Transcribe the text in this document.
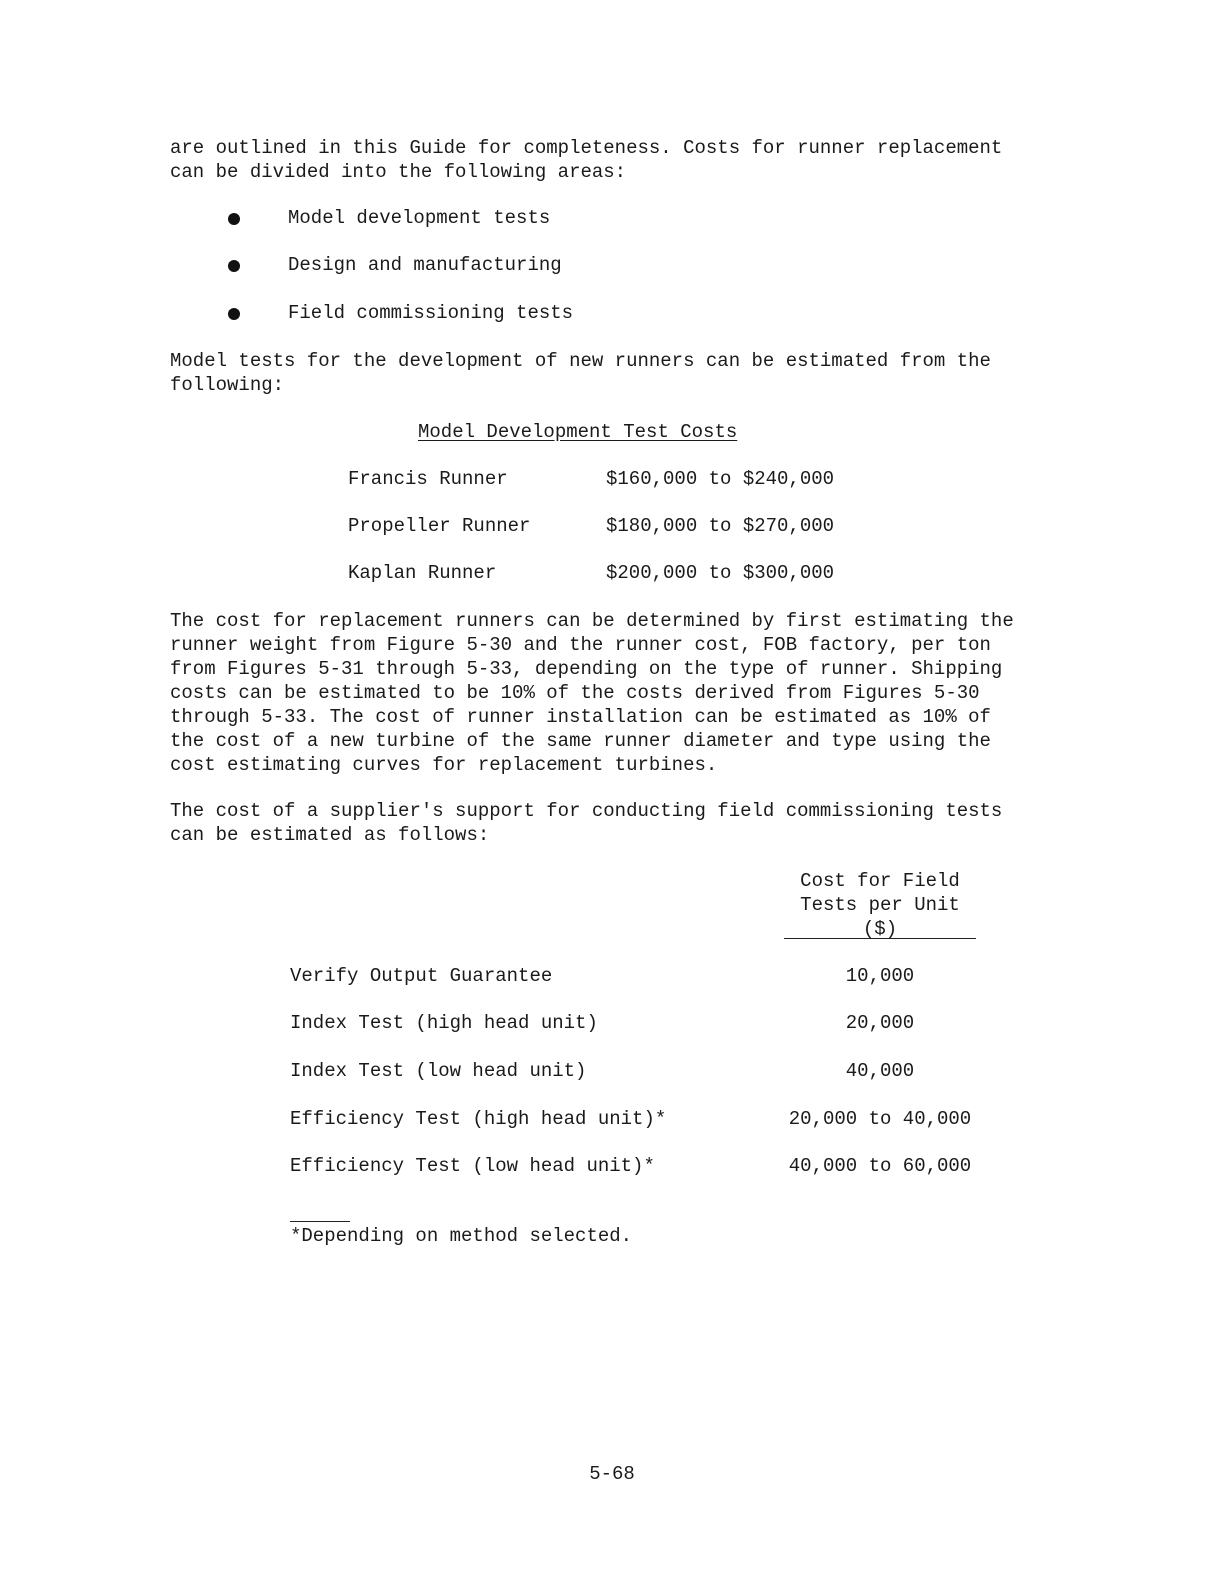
are outlined in this Guide for completeness. Costs for runner replacement
can be divided into the following areas:

Model development tests
Design and manufacturing
Field commissioning tests

Model tests for the development of new runners can be estimated from the
following:

Model Development Test Costs
Francis Runner	$160,000 to $240,000
Propeller Runner	$180,000 to $270,000
Kaplan Runner	$200,000 to $300,000

The cost for replacement runners can be determined by first estimating the
runner weight from Figure 5-30 and the runner cost, FOB factory, per ton
from Figures 5-31 through 5-33, depending on the type of runner. Shipping
costs can be estimated to be 10% of the costs derived from Figures 5-30
through 5-33. The cost of runner installation can be estimated as 10% of
the cost of a new turbine of the same runner diameter and type using the
cost estimating curves for replacement turbines.

The cost of a supplier's support for conducting field commissioning tests
can be estimated as follows:

Cost for Field
Tests per Unit
($)
Verify Output Guarantee	10,000
Index Test (high head unit)	20,000
Index Test (low head unit)	40,000
Efficiency Test (high head unit)*	20,000 to 40,000
Efficiency Test (low head unit)*	40,000 to 60,000
*Depending on method selected.
5-68
